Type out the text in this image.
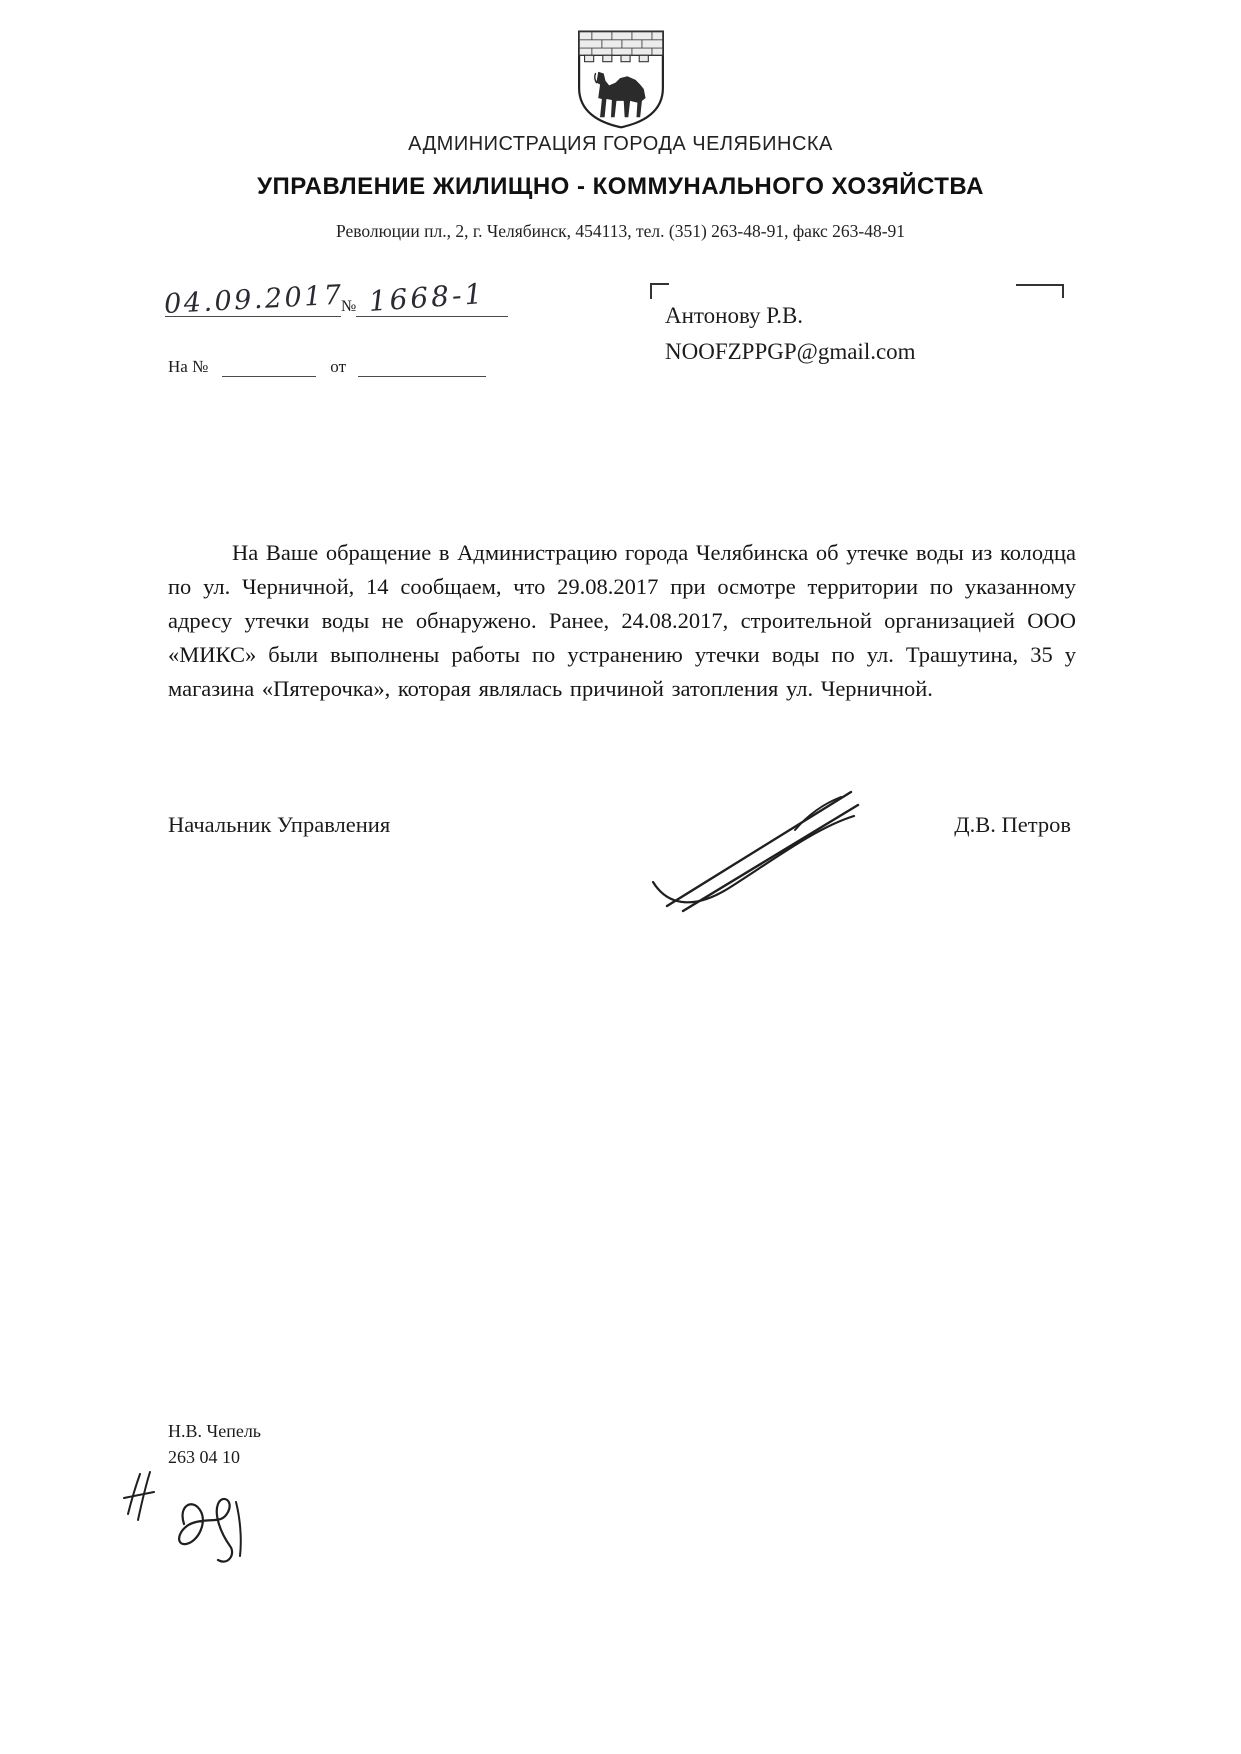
АДМИНИСТРАЦИЯ ГОРОДА ЧЕЛЯБИНСКА
УПРАВЛЕНИЕ ЖИЛИЩНО - КОММУНАЛЬНОГО ХОЗЯЙСТВА
Революции пл., 2, г. Челябинск, 454113, тел. (351) 263-48-91, факс 263-48-91
04.09.2017
№ 1668-1
На №	от
Антонову Р.В.
NOOFZPPGP@gmail.com
На Ваше обращение в Администрацию города Челябинска об утечке воды из колодца по ул. Черничной, 14 сообщаем, что 29.08.2017 при осмотре территории по указанному адресу утечки воды не обнаружено. Ранее, 24.08.2017, строительной организацией ООО «МИКС» были выполнены работы по устранению утечки воды по ул. Трашутина, 35 у магазина «Пятерочка», которая являлась причиной затопления ул. Черничной.
Начальник Управления	Д.В. Петров
Н.В. Чепель
263 04 10
